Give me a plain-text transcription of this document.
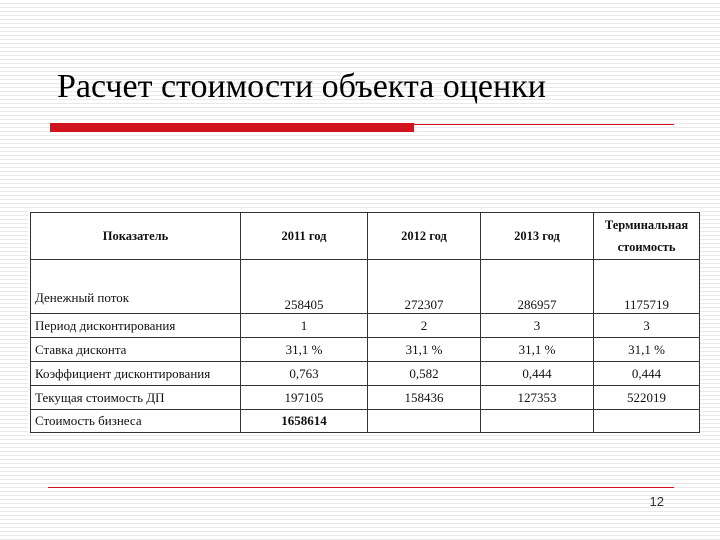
Расчет стоимости объекта оценки
Показатель	2011 год	2012 год	2013 год	Терминальная стоимость
Денежный поток	258405	272307	286957	1175719
Период дисконтирования	1	2	3	3
Ставка дисконта	31,1 %	31,1 %	31,1 %	31,1 %
Коэффициент дисконтирования	0,763	0,582	0,444	0,444
Текущая стоимость ДП	197105	158436	127353	522019
Стоимость бизнеса	1658614			
12
